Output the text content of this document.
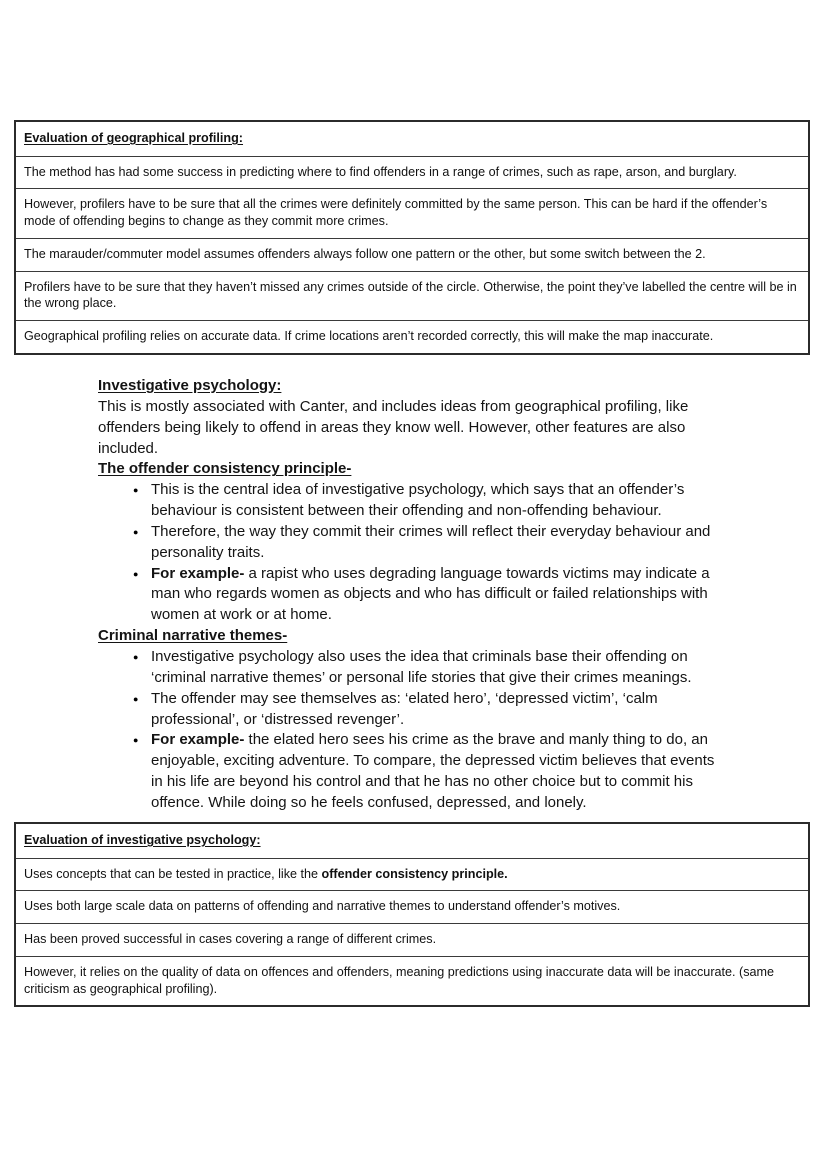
Evaluation of geographical profiling:
The method has had some success in predicting where to find offenders in a range of crimes, such as rape, arson, and burglary.
However, profilers have to be sure that all the crimes were definitely committed by the same person. This can be hard if the offender’s mode of offending begins to change as they commit more crimes.
The marauder/commuter model assumes offenders always follow one pattern or the other, but some switch between the 2.
Profilers have to be sure that they haven’t missed any crimes outside of the circle. Otherwise, the point they’ve labelled the centre will be in the wrong place.
Geographical profiling relies on accurate data. If crime locations aren’t recorded correctly, this will make the map inaccurate.
Investigative psychology:

This is mostly associated with Canter, and includes ideas from geographical profiling, like offenders being likely to offend in areas they know well. However, other features are also included.

The offender consistency principle-
● This is the central idea of investigative psychology, which says that an offender’s behaviour is consistent between their offending and non-offending behaviour.
● Therefore, the way they commit their crimes will reflect their everyday behaviour and personality traits.
● For example- a rapist who uses degrading language towards victims may indicate a man who regards women as objects and who has difficult or failed relationships with women at work or at home.
Criminal narrative themes-
● Investigative psychology also uses the idea that criminals base their offending on ‘criminal narrative themes’ or personal life stories that give their crimes meanings.
● The offender may see themselves as: ‘elated hero’, ‘depressed victim’, ‘calm professional’, or ‘distressed revenger’.
● For example- the elated hero sees his crime as the brave and manly thing to do, an enjoyable, exciting adventure. To compare, the depressed victim believes that events in his life are beyond his control and that he has no other choice but to commit his offence. While doing so he feels confused, depressed, and lonely.
Evaluation of investigative psychology:
Uses concepts that can be tested in practice, like the offender consistency principle.
Uses both large scale data on patterns of offending and narrative themes to understand offender’s motives.
Has been proved successful in cases covering a range of different crimes.
However, it relies on the quality of data on offences and offenders, meaning predictions using inaccurate data will be inaccurate. (same criticism as geographical profiling).
